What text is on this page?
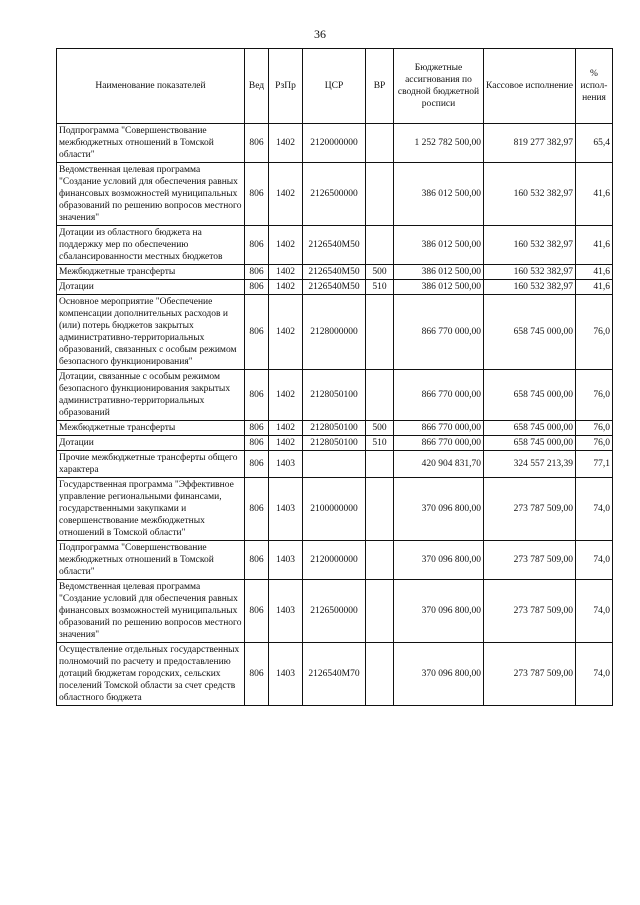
36
Наименование показателей	Вед	РзПр	ЦСР	ВР	Бюджетные ассигнования по сводной бюджетной росписи	Кассовое исполнение	% испол-нения
Подпрограмма "Совершенствование межбюджетных отношений в Томской области"	806	1402	2120000000		1 252 782 500,00	819 277 382,97	65,4
Ведомственная целевая программа "Создание условий для обеспечения равных финансовых возможностей муниципальных образований по решению вопросов местного значения"	806	1402	2126500000		386 012 500,00	160 532 382,97	41,6
Дотации из областного бюджета на поддержку мер по обеспечению сбалансированности местных бюджетов	806	1402	2126540М50		386 012 500,00	160 532 382,97	41,6
Межбюджетные трансферты	806	1402	2126540М50	500	386 012 500,00	160 532 382,97	41,6
Дотации	806	1402	2126540М50	510	386 012 500,00	160 532 382,97	41,6
Основное мероприятие "Обеспечение компенсации дополнительных расходов и (или) потерь бюджетов закрытых административно-территориальных образований, связанных с особым режимом безопасного функционирования"	806	1402	2128000000		866 770 000,00	658 745 000,00	76,0
Дотации, связанные с особым режимом безопасного функционирования закрытых административно-территориальных образований	806	1402	2128050100		866 770 000,00	658 745 000,00	76,0
Межбюджетные трансферты	806	1402	2128050100	500	866 770 000,00	658 745 000,00	76,0
Дотации	806	1402	2128050100	510	866 770 000,00	658 745 000,00	76,0
Прочие межбюджетные трансферты общего характера	806	1403			420 904 831,70	324 557 213,39	77,1
Государственная программа "Эффективное управление региональными финансами, государственными закупками и совершенствование межбюджетных отношений в Томской области"	806	1403	2100000000		370 096 800,00	273 787 509,00	74,0
Подпрограмма "Совершенствование межбюджетных отношений в Томской области"	806	1403	2120000000		370 096 800,00	273 787 509,00	74,0
Ведомственная целевая программа "Создание условий для обеспечения равных финансовых возможностей муниципальных образований по решению вопросов местного значения"	806	1403	2126500000		370 096 800,00	273 787 509,00	74,0
Осуществление отдельных государственных полномочий по расчету и предоставлению дотаций бюджетам городских, сельских поселений Томской области за счет средств областного бюджета	806	1403	2126540М70		370 096 800,00	273 787 509,00	74,0
